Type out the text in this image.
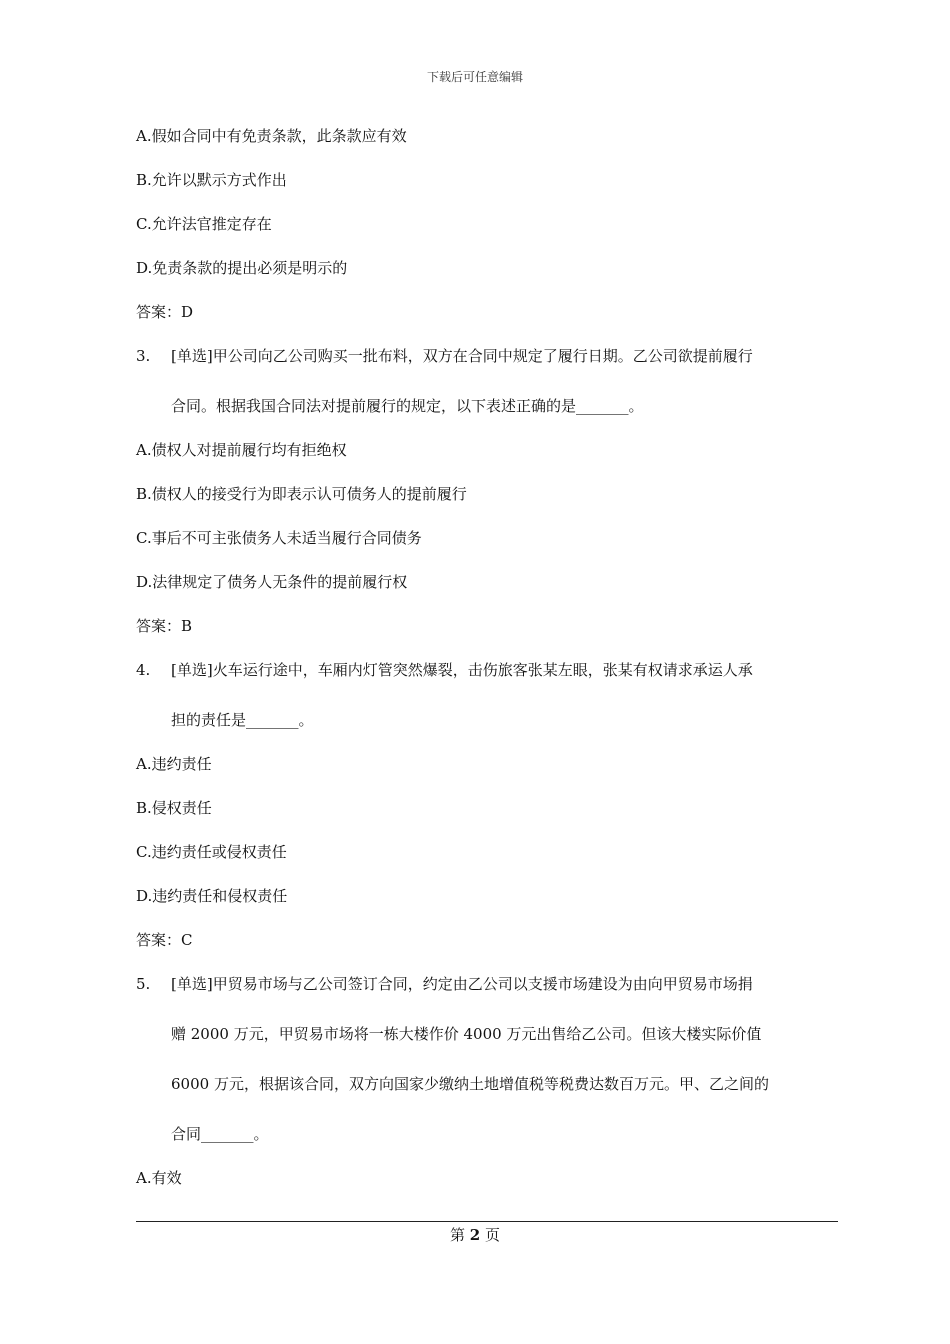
下载后可任意编辑
A.假如合同中有免责条款，此条款应有效
B.允许以默示方式作出
C.允许法官推定存在
D.免责条款的提出必须是明示的
答案：D
3. [单选]甲公司向乙公司购买一批布料，双方在合同中规定了履行日期。乙公司欲提前履行
合同。根据我国合同法对提前履行的规定，以下表述正确的是_______。
A.债权人对提前履行均有拒绝权
B.债权人的接受行为即表示认可债务人的提前履行
C.事后不可主张债务人未适当履行合同债务
D.法律规定了债务人无条件的提前履行权
答案：B
4. [单选]火车运行途中，车厢内灯管突然爆裂，击伤旅客张某左眼，张某有权请求承运人承
担的责任是_______。
A.违约责任
B.侵权责任
C.违约责任或侵权责任
D.违约责任和侵权责任
答案：C
5. [单选]甲贸易市场与乙公司签订合同，约定由乙公司以支援市场建设为由向甲贸易市场捐
赠 2000 万元，甲贸易市场将一栋大楼作价 4000 万元出售给乙公司。但该大楼实际价值
6000 万元，根据该合同，双方向国家少缴纳土地增值税等税费达数百万元。甲、乙之间的
合同_______。
A.有效
第 2 页
